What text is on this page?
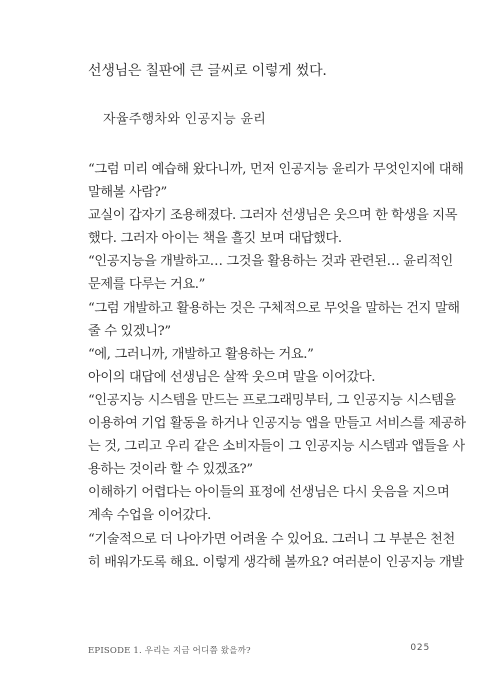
선생님은 칠판에 큰 글씨로 이렇게 썼다.
자율주행차와 인공지능 윤리
“그럼 미리 예습해 왔다니까, 먼저 인공지능 윤리가 무엇인지에 대해
말해볼 사람?”
교실이 갑자기 조용해졌다. 그러자 선생님은 웃으며 한 학생을 지목
했다. 그러자 아이는 책을 흘깃 보며 대답했다.
“인공지능을 개발하고… 그것을 활용하는 것과 관련된… 윤리적인
문제를 다루는 거요.”
“그럼 개발하고 활용하는 것은 구체적으로 무엇을 말하는 건지 말해
줄 수 있겠니?”
“에, 그러니까, 개발하고 활용하는 거요.”
아이의 대답에 선생님은 살짝 웃으며 말을 이어갔다.
“인공지능 시스템을 만드는 프로그래밍부터, 그 인공지능 시스템을
이용하여 기업 활동을 하거나 인공지능 앱을 만들고 서비스를 제공하
는 것, 그리고 우리 같은 소비자들이 그 인공지능 시스템과 앱들을 사
용하는 것이라 할 수 있겠죠?”
이해하기 어렵다는 아이들의 표정에 선생님은 다시 웃음을 지으며
계속 수업을 이어갔다.
“기술적으로 더 나아가면 어려울 수 있어요. 그러니 그 부분은 천천
히 배워가도록 해요. 이렇게 생각해 볼까요? 여러분이 인공지능 개발
EPISODE 1. 우리는 지금 어디쯤 왔을까?	025
